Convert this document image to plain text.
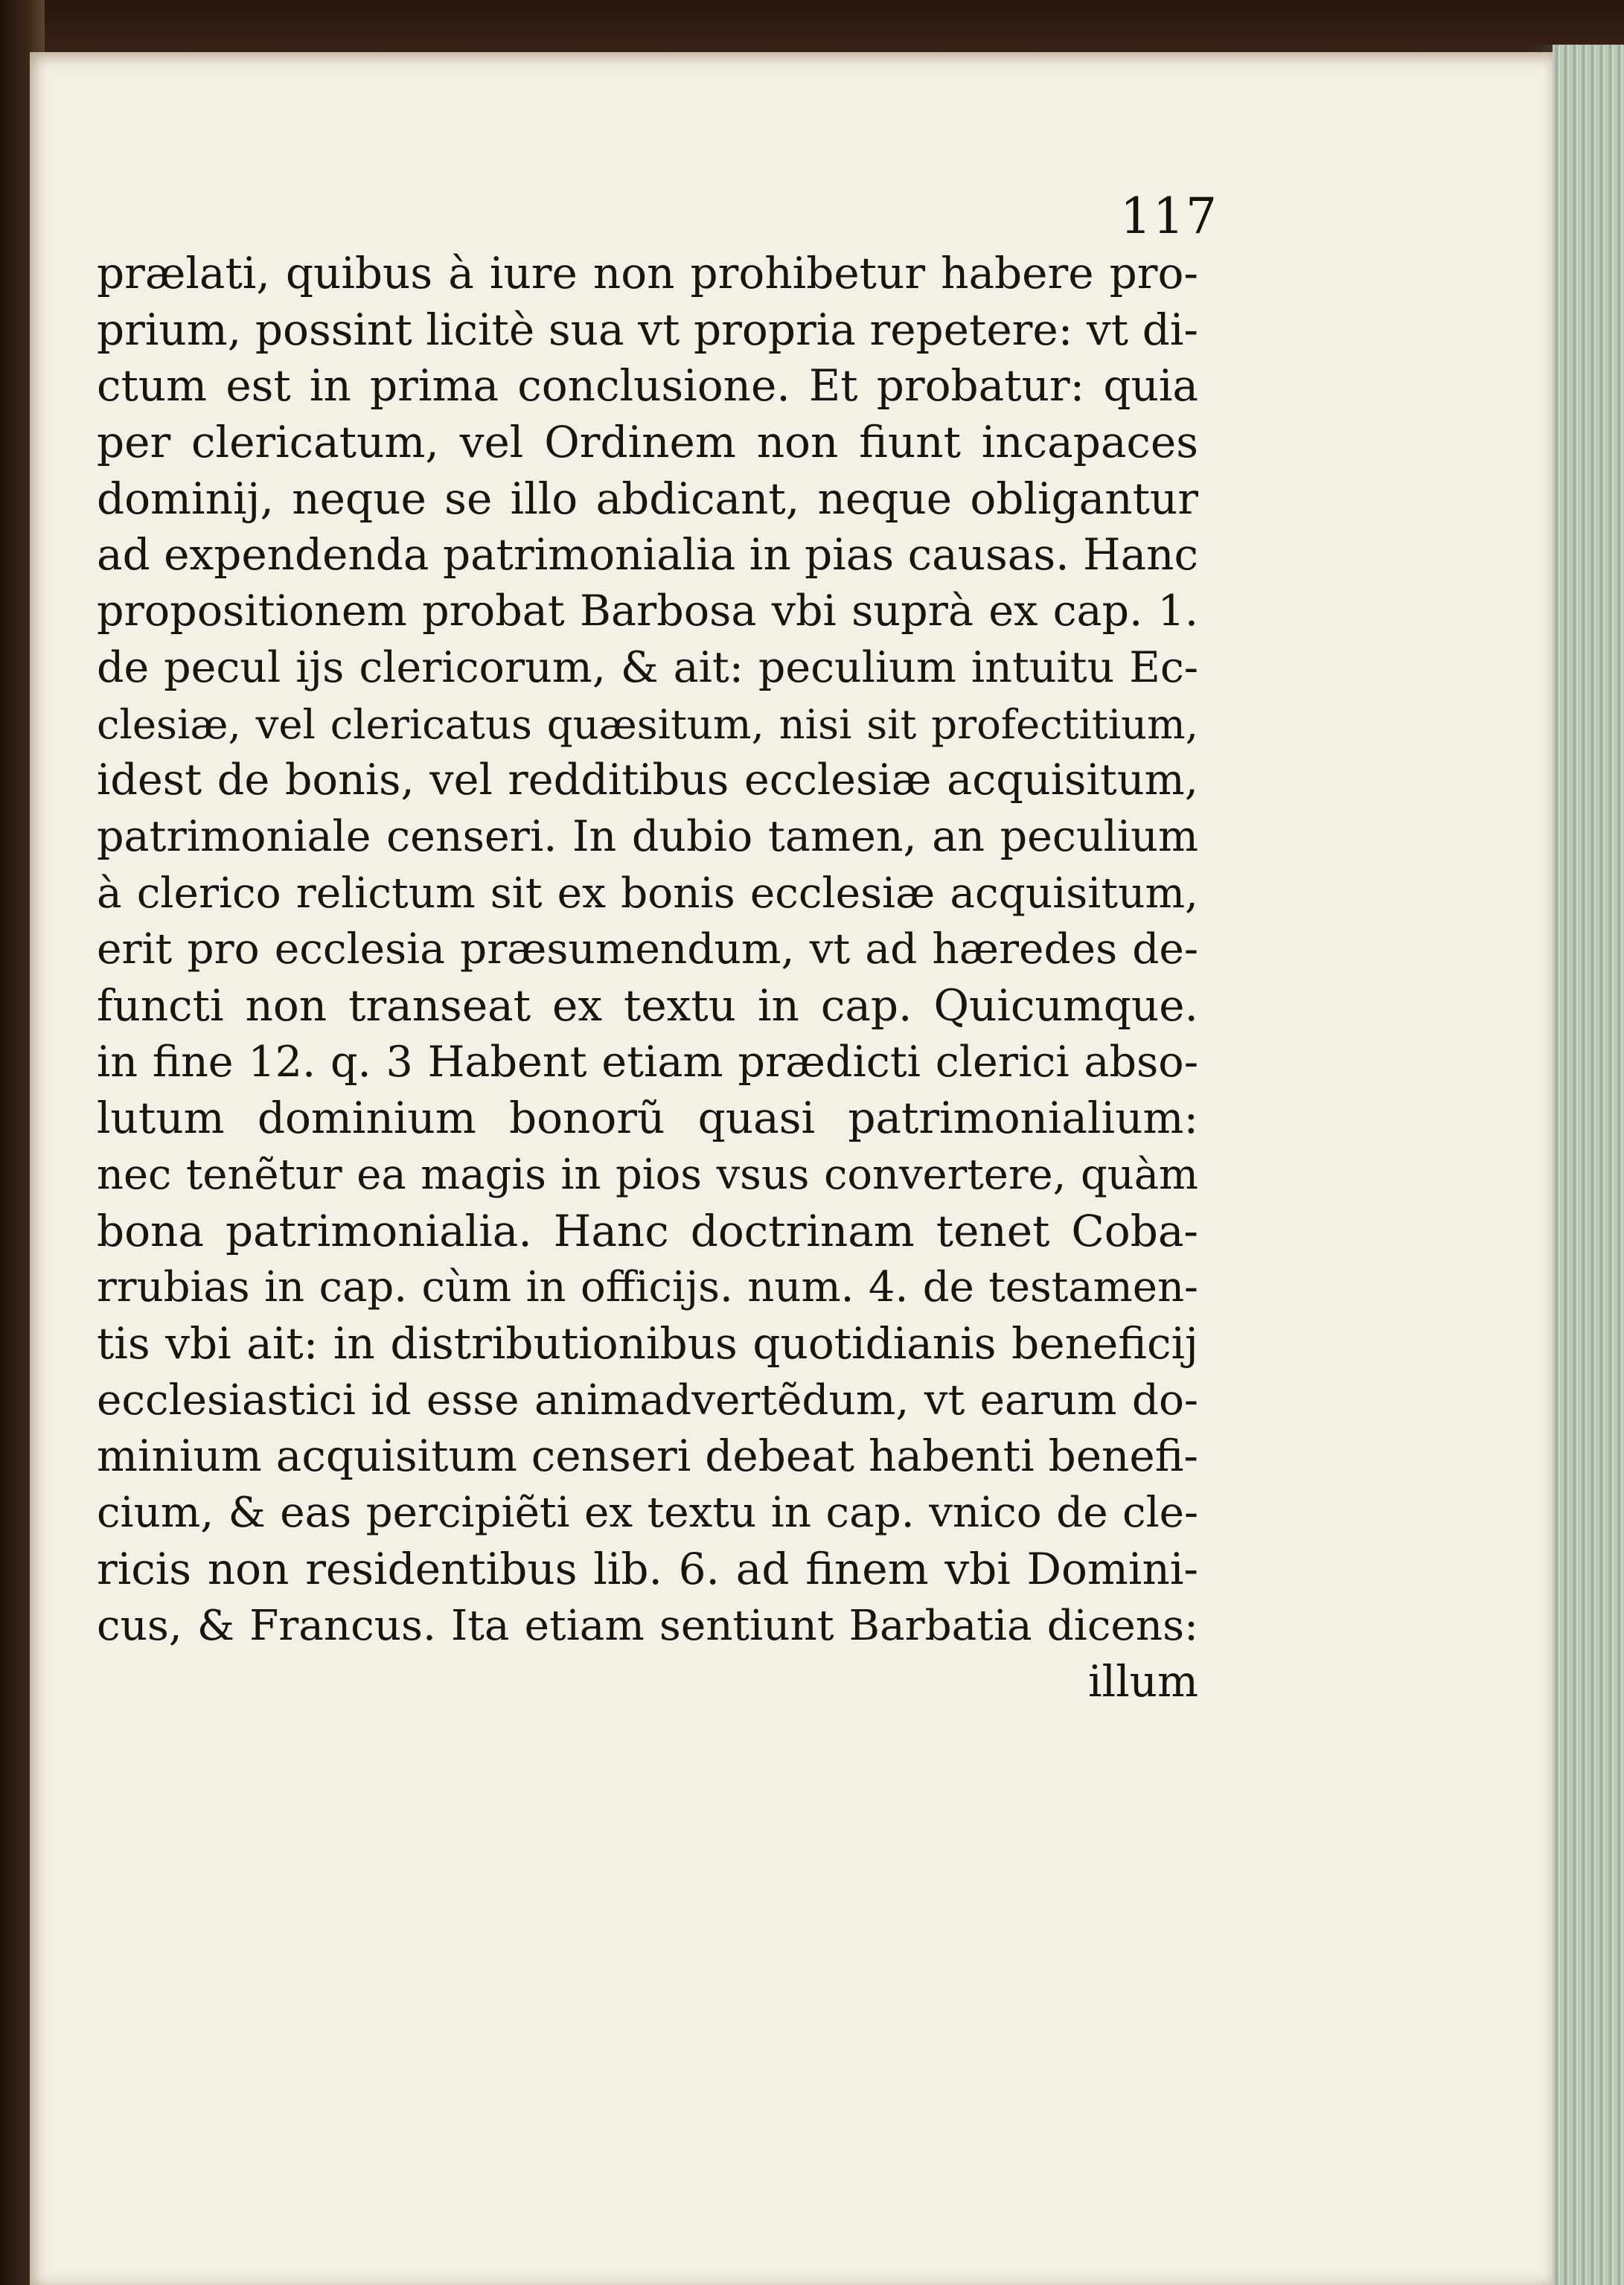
117
prælati, quibus à iure non prohibetur habere pro-
prium, possint licitè sua vt propria repetere: vt di-
ctum est in prima conclusione. Et probatur: quia
per clericatum, vel Ordinem non fiunt incapaces
dominij, neque se illo abdicant, neque obligantur
ad expendenda patrimonialia in pias causas. Hanc
propositionem probat Barbosa vbi suprà ex cap. 1.
de pecul ijs clericorum, & ait: peculium intuitu Ec-
clesiæ, vel clericatus quæsitum, nisi sit profectitium,
idest de bonis, vel redditibus ecclesiæ acquisitum,
patrimoniale censeri. In dubio tamen, an peculium
à clerico relictum sit ex bonis ecclesiæ acquisitum,
erit pro ecclesia præsumendum, vt ad hæredes de-
functi non transeat ex textu in cap. Quicumque.
in fine 12. q. 3 Habent etiam prædicti clerici abso-
lutum dominium bonorũ quasi patrimonialium:
nec tenẽtur ea magis in pios vsus convertere, quàm
bona patrimonialia. Hanc doctrinam tenet Coba-
rrubias in cap. cùm in officijs. num. 4. de testamen-
tis vbi ait: in distributionibus quotidianis beneficij
ecclesiastici id esse animadvertẽdum, vt earum do-
minium acquisitum censeri debeat habenti benefi-
cium, & eas percipiẽti ex textu in cap. vnico de cle-
ricis non residentibus lib. 6. ad finem vbi Domini-
cus, & Francus. Ita etiam sentiunt Barbatia dicens:
illum
